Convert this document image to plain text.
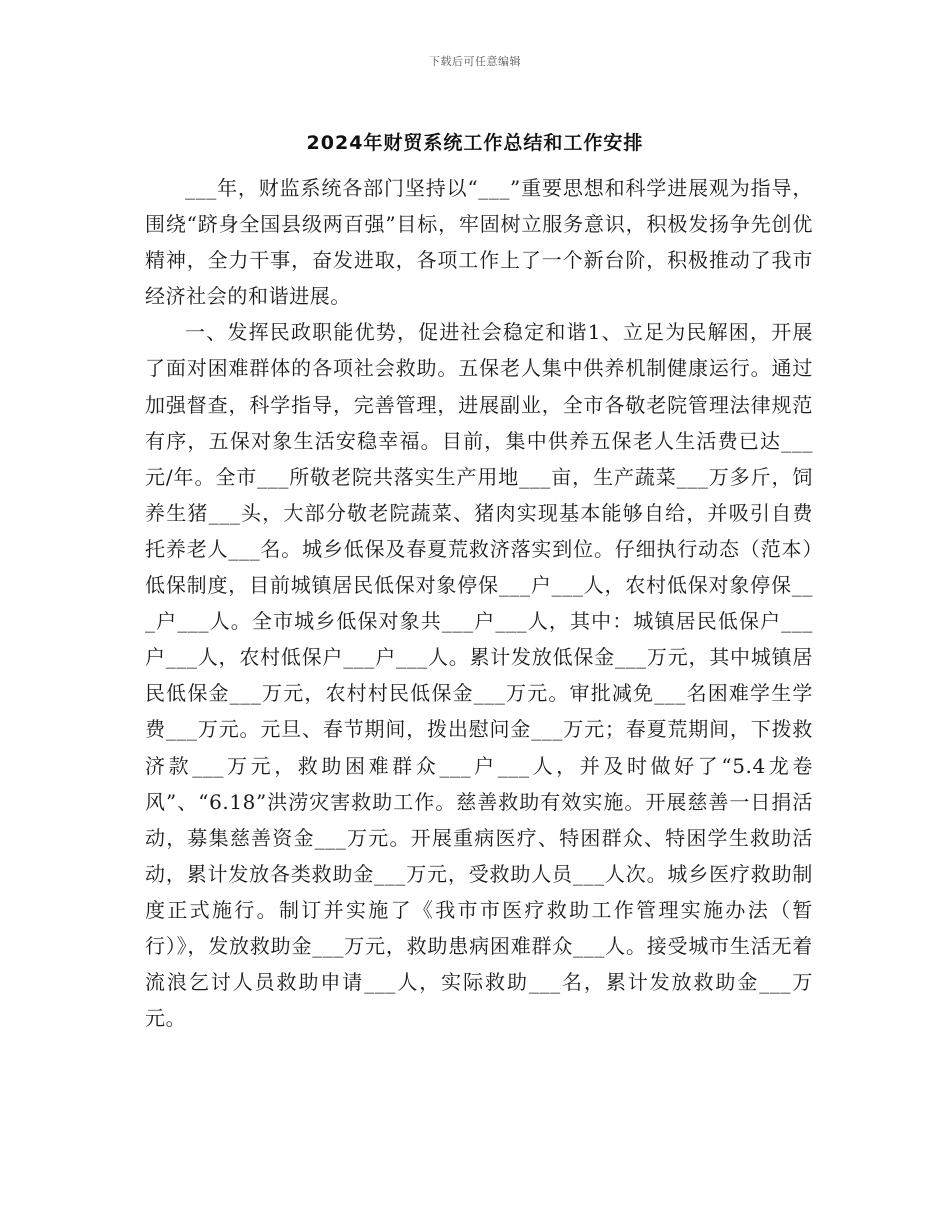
下载后可任意编辑
2024年财贸系统工作总结和工作安排

___年，财监系统各部门坚持以“___”重要思想和科学进展观为指导，围绕“跻身全国县级两百强”目标，牢固树立服务意识，积极发扬争先创优精神，全力干事，奋发进取，各项工作上了一个新台阶，积极推动了我市经济社会的和谐进展。

一、发挥民政职能优势，促进社会稳定和谐1、立足为民解困，开展了面对困难群体的各项社会救助。五保老人集中供养机制健康运行。通过加强督查，科学指导，完善管理，进展副业，全市各敬老院管理法律规范有序，五保对象生活安稳幸福。目前，集中供养五保老人生活费已达___元/年。全市___所敬老院共落实生产用地___亩，生产蔬菜___万多斤，饲养生猪___头，大部分敬老院蔬菜、猪肉实现基本能够自给，并吸引自费托养老人___名。城乡低保及春夏荒救济落实到位。仔细执行动态（范本）低保制度，目前城镇居民低保对象停保___户___人，农村低保对象停保___户___人。全市城乡低保对象共___户___人，其中：城镇居民低保户___户___人，农村低保户___户___人。累计发放低保金___万元，其中城镇居民低保金___万元，农村村民低保金___万元。审批减免___名困难学生学费___万元。元旦、春节期间，拨出慰问金___万元；春夏荒期间，下拨救济款___万元，救助困难群众___户___人，并及时做好了“5.4龙卷风”、“6.18”洪涝灾害救助工作。慈善救助有效实施。开展慈善一日捐活动，募集慈善资金___万元。开展重病医疗、特困群众、特困学生救助活动，累计发放各类救助金___万元，受救助人员___人次。城乡医疗救助制度正式施行。制订并实施了《我市市医疗救助工作管理实施办法（暂行）》，发放救助金___万元，救助患病困难群众___人。接受城市生活无着流浪乞讨人员救助申请___人，实际救助___名，累计发放救助金___万元。
